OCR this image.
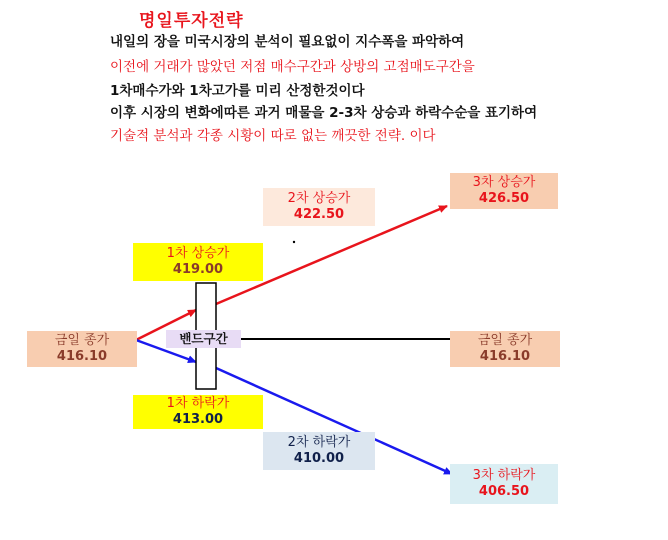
명일투자전략
내일의 장을 미국시장의 분석이 필요없이 지수폭을 파악하여
이전에 거래가 많았던 저점 매수구간과 상방의 고점매도구간을
1차매수가와 1차고가를 미리 산정한것이다
이후 시장의 변화에따른 과거 매물을 2-3차 상승과 하락수순을 표기하여
기술적 분석과 각종 시황이 따로 없는 깨끗한 전략. 이다
밴드구간
금일 종가
416.10
금일 종가
416.10
1차 상승가
419.00
2차 상승가
422.50
3차 상승가
426.50
1차 하락가
413.00
2차 하락가
410.00
3차 하락가
406.50
